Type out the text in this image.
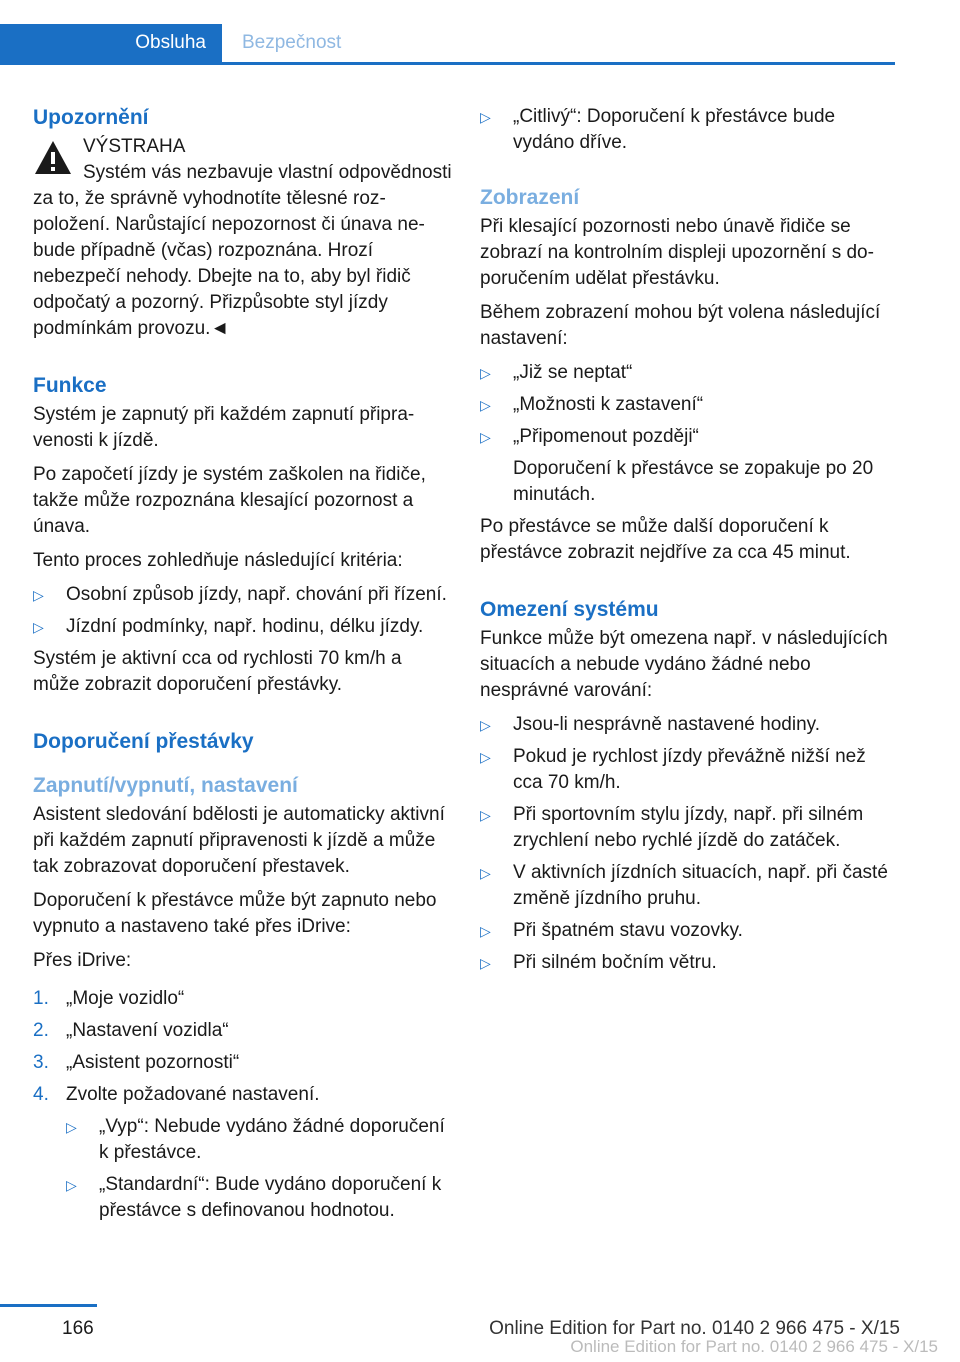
Obsluha	Bezpečnost
Upozornění
VÝSTRAHA

Systém vás nezbavuje vlastní odpovědnosti za to, že správně vyhodnotíte tělesné rozpoložení. Narůstající nepozornost či únava nebude případně (včas) rozpoznána. Hrozí nebezpečí nehody. Dbejte na to, aby byl řidič odpočatý a pozorný. Přizpůsobte styl jízdy podmínkám provozu.◄

Funkce

Systém je zapnutý při každém zapnutí připravenosti k jízdě.

Po započetí jízdy je systém zaškolen na řidiče, takže může rozpoznána klesající pozornost a únava.

Tento proces zohledňuje následující kritéria:

▷ Osobní způsob jízdy, např. chování při řízení.
▷ Jízdní podmínky, např. hodinu, délku jízdy.

Systém je aktivní cca od rychlosti 70 km/h a může zobrazit doporučení přestávky.

Doporučení přestávky
Zapnutí/vypnutí, nastavení

Asistent sledování bdělosti je automaticky aktivní při každém zapnutí připravenosti k jízdě a může tak zobrazovat doporučení přestavek.

Doporučení k přestávce může být zapnuto nebo vypnuto a nastaveno také přes iDrive:

Přes iDrive:

1. „Moje vozidlo“
2. „Nastavení vozidla“
3. „Asistent pozornosti“
4. Zvolte požadované nastavení.
▷ „Vyp“: Nebude vydáno žádné doporučení k přestávce.
▷ „Standardní“: Bude vydáno doporučení k přestávce s definovanou hodnotou.
▷ „Citlivý“: Doporučení k přestávce bude vydáno dříve.
Zobrazení

Při klesající pozornosti nebo únavě řidiče se zobrazí na kontrolním displeji upozornění s doporučením udělat přestávku.

Během zobrazení mohou být volena následující nastavení:

▷ „Již se neptat“
▷ „Možnosti k zastavení“
▷ „Připomenout později“
Doporučení k přestávce se zopakuje po 20 minutách.

Po přestávce se může další doporučení k přestávce zobrazit nejdříve za cca 45 minut.

Omezení systému

Funkce může být omezena např. v následujících situacích a nebude vydáno žádné nebo nesprávné varování:

▷ Jsou-li nesprávně nastavené hodiny.
▷ Pokud je rychlost jízdy převážně nižší než cca 70 km/h.
▷ Při sportovním stylu jízdy, např. při silném zrychlení nebo rychlé jízdě do zatáček.
▷ V aktivních jízdních situacích, např. při časté změně jízdního pruhu.
▷ Při špatném stavu vozovky.
▷ Při silném bočním větru.
166	Online Edition for Part no. 0140 2 966 475 - X/15
Online Edition for Part no. 0140 2 966 475 - X/15
